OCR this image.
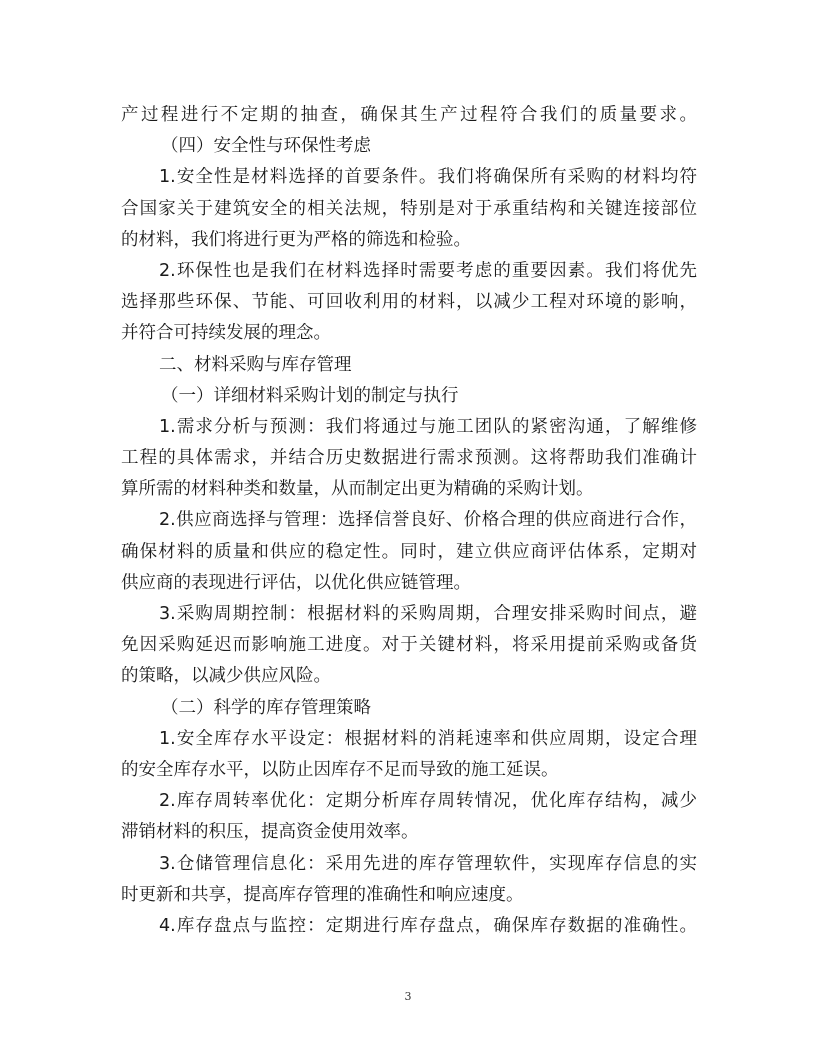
产过程进行不定期的抽查，确保其生产过程符合我们的质量要求。
（四）安全性与环保性考虑
1.安全性是材料选择的首要条件。我们将确保所有采购的材料均符
合国家关于建筑安全的相关法规，特别是对于承重结构和关键连接部位
的材料，我们将进行更为严格的筛选和检验。
2.环保性也是我们在材料选择时需要考虑的重要因素。我们将优先
选择那些环保、节能、可回收利用的材料，以减少工程对环境的影响，
并符合可持续发展的理念。
二、材料采购与库存管理
（一）详细材料采购计划的制定与执行
1.需求分析与预测：我们将通过与施工团队的紧密沟通，了解维修
工程的具体需求，并结合历史数据进行需求预测。这将帮助我们准确计
算所需的材料种类和数量，从而制定出更为精确的采购计划。
2.供应商选择与管理：选择信誉良好、价格合理的供应商进行合作，
确保材料的质量和供应的稳定性。同时，建立供应商评估体系，定期对
供应商的表现进行评估，以优化供应链管理。
3.采购周期控制：根据材料的采购周期，合理安排采购时间点，避
免因采购延迟而影响施工进度。对于关键材料，将采用提前采购或备货
的策略，以减少供应风险。
（二）科学的库存管理策略
1.安全库存水平设定：根据材料的消耗速率和供应周期，设定合理
的安全库存水平，以防止因库存不足而导致的施工延误。
2.库存周转率优化：定期分析库存周转情况，优化库存结构，减少
滞销材料的积压，提高资金使用效率。
3.仓储管理信息化：采用先进的库存管理软件，实现库存信息的实
时更新和共享，提高库存管理的准确性和响应速度。
4.库存盘点与监控：定期进行库存盘点，确保库存数据的准确性。
3
